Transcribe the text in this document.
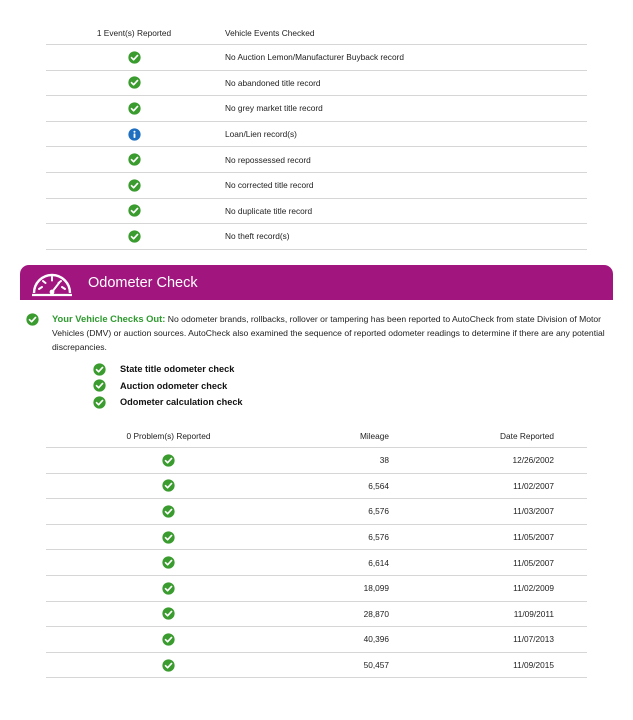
1 Event(s) Reported	Vehicle Events Checked
No Auction Lemon/Manufacturer Buyback record
No abandoned title record
No grey market title record
Loan/Lien record(s)
No repossessed record
No corrected title record
No duplicate title record
No theft record(s)
Odometer Check

Your Vehicle Checks Out: No odometer brands, rollbacks, rollover or tampering has been reported to AutoCheck from state Division of Motor Vehicles (DMV) or auction sources. AutoCheck also examined the sequence of reported odometer readings to determine if there are any potential discrepancies.

State title odometer check
Auction odometer check
Odometer calculation check
0 Problem(s) Reported	Mileage	Date Reported
38	12/26/2002
6,564	11/02/2007
6,576	11/03/2007
6,576	11/05/2007
6,614	11/05/2007
18,099	11/02/2009
28,870	11/09/2011
40,396	11/07/2013
50,457	11/09/2015
